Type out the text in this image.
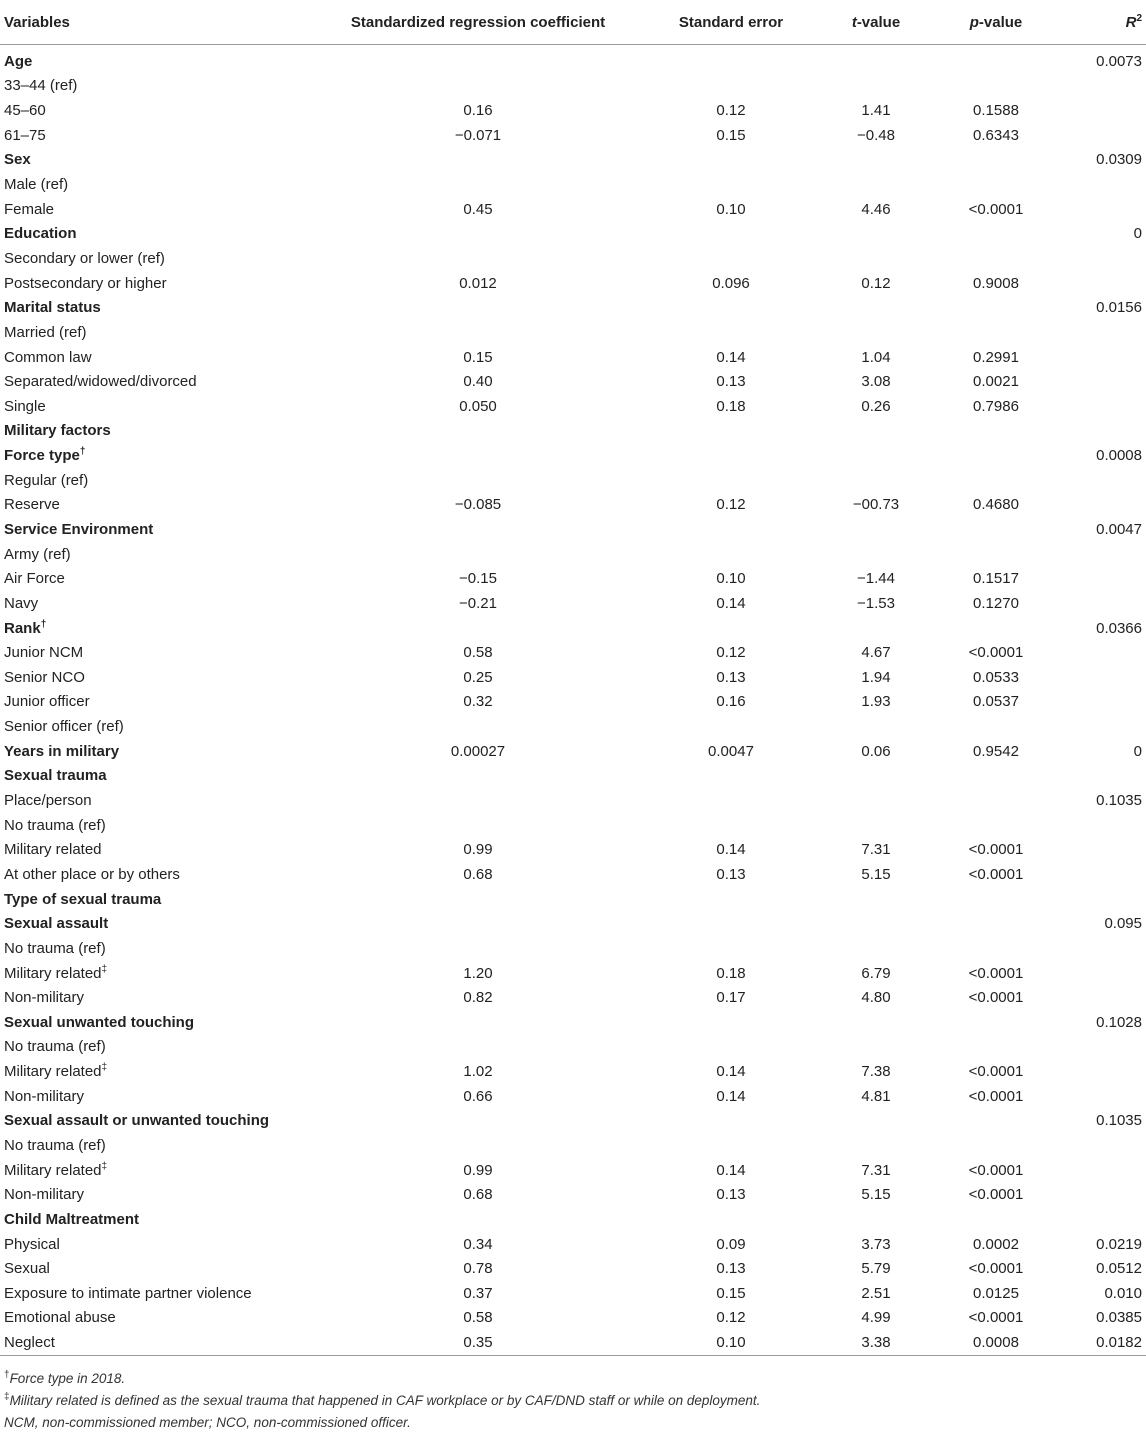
Variables	Standardized regression coefficient	Standard error	t-value	p-value	$R^2$
Age					0.0073
33–44 (ref)					
45–60	0.16	0.12	1.41	0.1588	
61–75	−0.071	0.15	−0.48	0.6343	
Sex					0.0309
Male (ref)					
Female	0.45	0.10	4.46	<0.0001	
Education					0
Secondary or lower (ref)					
Postsecondary or higher	0.012	0.096	0.12	0.9008	
Marital status					0.0156
Married (ref)					
Common law	0.15	0.14	1.04	0.2991	
Separated/widowed/divorced	0.40	0.13	3.08	0.0021	
Single	0.050	0.18	0.26	0.7986	
Military factors					
Force type†					0.0008
Regular (ref)					
Reserve	−0.085	0.12	−00.73	0.4680	
Service Environment					0.0047
Army (ref)					
Air Force	−0.15	0.10	−1.44	0.1517	
Navy	−0.21	0.14	−1.53	0.1270	
Rank†					0.0366
Junior NCM	0.58	0.12	4.67	<0.0001	
Senior NCO	0.25	0.13	1.94	0.0533	
Junior officer	0.32	0.16	1.93	0.0537	
Senior officer (ref)					
Years in military	0.00027	0.0047	0.06	0.9542	0
Sexual trauma					
Place/person					0.1035
No trauma (ref)					
Military related	0.99	0.14	7.31	<0.0001	
At other place or by others	0.68	0.13	5.15	<0.0001	
Type of sexual trauma					
Sexual assault					0.095
No trauma (ref)					
Military related‡	1.20	0.18	6.79	<0.0001	
Non-military	0.82	0.17	4.80	<0.0001	
Sexual unwanted touching					0.1028
No trauma (ref)					
Military related‡	1.02	0.14	7.38	<0.0001	
Non-military	0.66	0.14	4.81	<0.0001	
Sexual assault or unwanted touching					0.1035
No trauma (ref)					
Military related‡	0.99	0.14	7.31	<0.0001	
Non-military	0.68	0.13	5.15	<0.0001	
Child Maltreatment					
Physical	0.34	0.09	3.73	0.0002	0.0219
Sexual	0.78	0.13	5.79	<0.0001	0.0512
Exposure to intimate partner violence	0.37	0.15	2.51	0.0125	0.010
Emotional abuse	0.58	0.12	4.99	<0.0001	0.0385
Neglect	0.35	0.10	3.38	0.0008	0.0182
†Force type in 2018.
‡Military related is defined as the sexual trauma that happened in CAF workplace or by CAF/DND staff or while on deployment.
NCM, non-commissioned member; NCO, non-commissioned officer.
